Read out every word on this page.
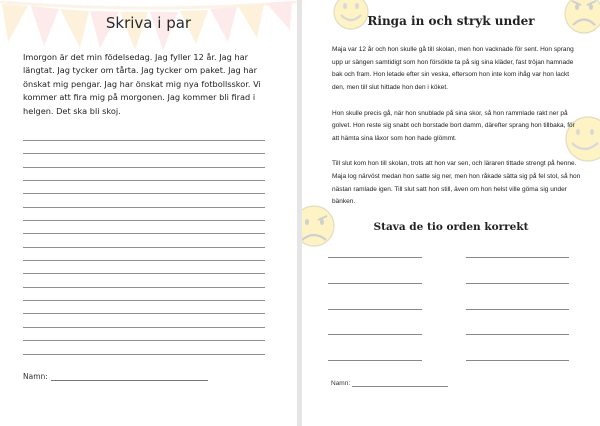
Skriva i par
Imorgon är det min födelsedag. Jag fyller 12 år. Jag har längtat. Jag tycker om tårta. Jag tycker om paket. Jag har önskat mig pengar. Jag har önskat mig nya fotbollsskor. Vi kommer att fira mig på morgonen. Jag kommer bli firad i helgen. Det ska bli skoj.
Namn:
Ringa in och stryk under

Maja var 12 år och hon skulle gå till skolan, men hon vacknade för sent. Hon sprang upp ur sängen samtidigt som hon försökte ta på sig sina kläder, fast tröjan hamnade bak och fram. Hon letade efter sin veska, eftersom hon inte kom ihåg var hon lackt den, men till slut hittade hon den i köket.

Hon skulle precis gå, när hon snublade på sina skor, så hon rammlade rakt ner på golvet. Hon reste sig snabt och borstade bort damm, därefter sprang hon tillbaka, för att hämta sina läxor som hon hade glömmt.

Till slut kom hon till skolan, trots att hon var sen, och läraren tittade strengt på henne. Maja log närvöst medan hon satte sig ner, men hon råkade sätta sig på fel stol, så hon nästan ramlade igen. Till slut satt hon still, även om hon helst ville göma sig under bänken.

Stava de tio orden korrekt
Namn:
